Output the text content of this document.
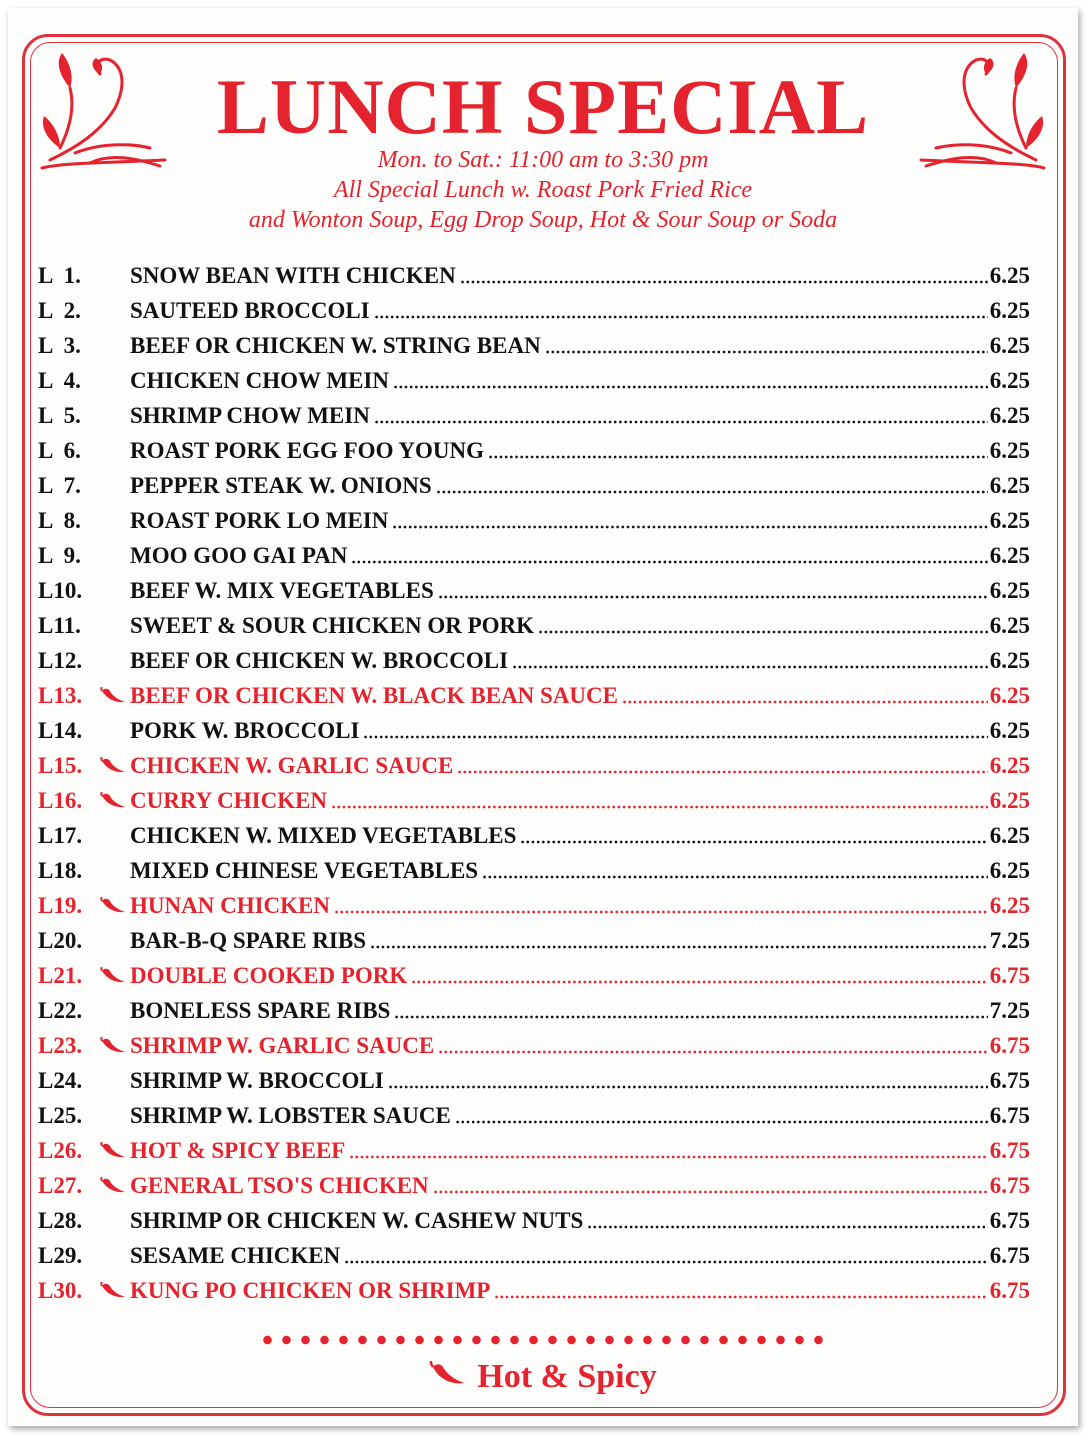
LUNCH SPECIAL
Mon. to Sat.: 11:00 am to 3:30 pm
All Special Lunch w. Roast Pork Fried Rice
and Wonton Soup, Egg Drop Soup, Hot & Sour Soup or Soda
L  1.	SNOW BEAN WITH CHICKEN	6.25
L  2.	SAUTEED BROCCOLI	6.25
L  3.	BEEF OR CHICKEN W. STRING BEAN	6.25
L  4.	CHICKEN CHOW MEIN	6.25
L  5.	SHRIMP CHOW MEIN	6.25
L  6.	ROAST PORK EGG FOO YOUNG	6.25
L  7.	PEPPER STEAK W. ONIONS	6.25
L  8.	ROAST PORK LO MEIN	6.25
L  9.	MOO GOO GAI PAN	6.25
L10.	BEEF W. MIX VEGETABLES	6.25
L11.	SWEET & SOUR CHICKEN OR PORK	6.25
L12.	BEEF OR CHICKEN W. BROCCOLI	6.25
L13.	BEEF OR CHICKEN W. BLACK BEAN SAUCE	6.25
L14.	PORK W. BROCCOLI	6.25
L15.	CHICKEN W. GARLIC SAUCE	6.25
L16.	CURRY CHICKEN	6.25
L17.	CHICKEN W. MIXED VEGETABLES	6.25
L18.	MIXED CHINESE VEGETABLES	6.25
L19.	HUNAN CHICKEN	6.25
L20.	BAR-B-Q SPARE RIBS	7.25
L21.	DOUBLE COOKED PORK	6.75
L22.	BONELESS SPARE RIBS	7.25
L23.	SHRIMP W. GARLIC SAUCE	6.75
L24.	SHRIMP W. BROCCOLI	6.75
L25.	SHRIMP W. LOBSTER SAUCE	6.75
L26.	HOT & SPICY BEEF	6.75
L27.	GENERAL TSO'S CHICKEN	6.75
L28.	SHRIMP OR CHICKEN W. CASHEW NUTS	6.75
L29.	SESAME CHICKEN	6.75
L30.	KUNG PO CHICKEN OR SHRIMP	6.75
Hot & Spicy
